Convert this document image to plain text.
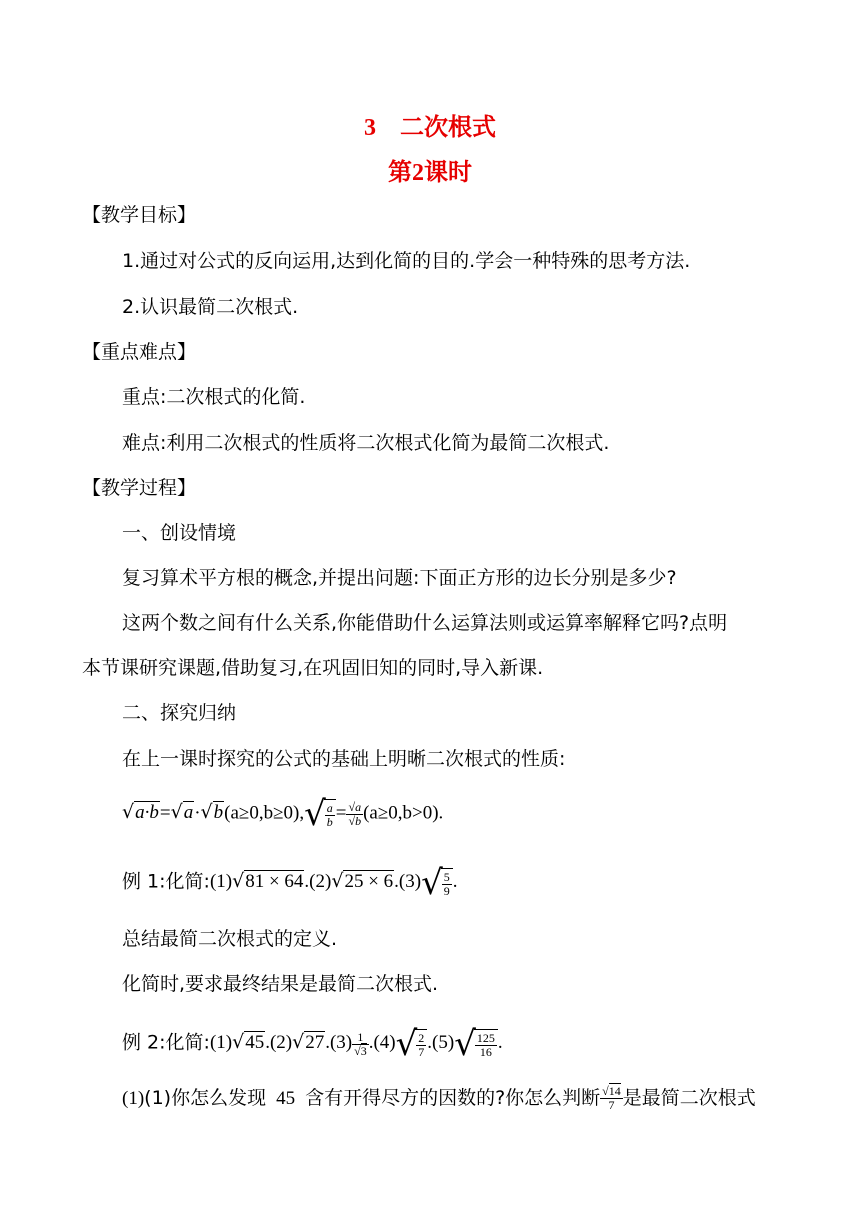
3 二次根式
第2课时
【教学目标】
1.通过对公式的反向运用,达到化简的目的.学会一种特殊的思考方法.
2.认识最简二次根式.
【重点难点】
重点:二次根式的化简.
难点:利用二次根式的性质将二次根式化简为最简二次根式.
【教学过程】
一、创设情境
复习算术平方根的概念,并提出问题:下面正方形的边长分别是多少?
这两个数之间有什么关系,你能借助什么运算法则或运算率解释它吗?点明
本节课研究课题,借助复习,在巩固旧知的同时,导入新课.
二、探究归纳
在上一课时探究的公式的基础上明晰二次根式的性质:
$√a\cdot b=√a\cdot√b(a\ge 0,b\ge 0),√ \frac{a}{b} = \frac{√a}{√b} (a\ge 0,b>0)$.
例 1:化简:(1)√81 × $64.(2)√25 \times 6.(3)√ \frac{5}{9}$ .
总结最简二次根式的定义.
化简时,要求最终结果是最简二次根式.
例 2:化简:(1)√45.(2)√27.(3) $\frac{1}{√3} .(4)√ \frac{2}{7} .(5)√ \frac{125}{16}$ .
(1)(1)你怎么发现 45 含有开得尽方的因数的?你怎么判断 $\frac{√14}{7}$ 是最简二次根式
